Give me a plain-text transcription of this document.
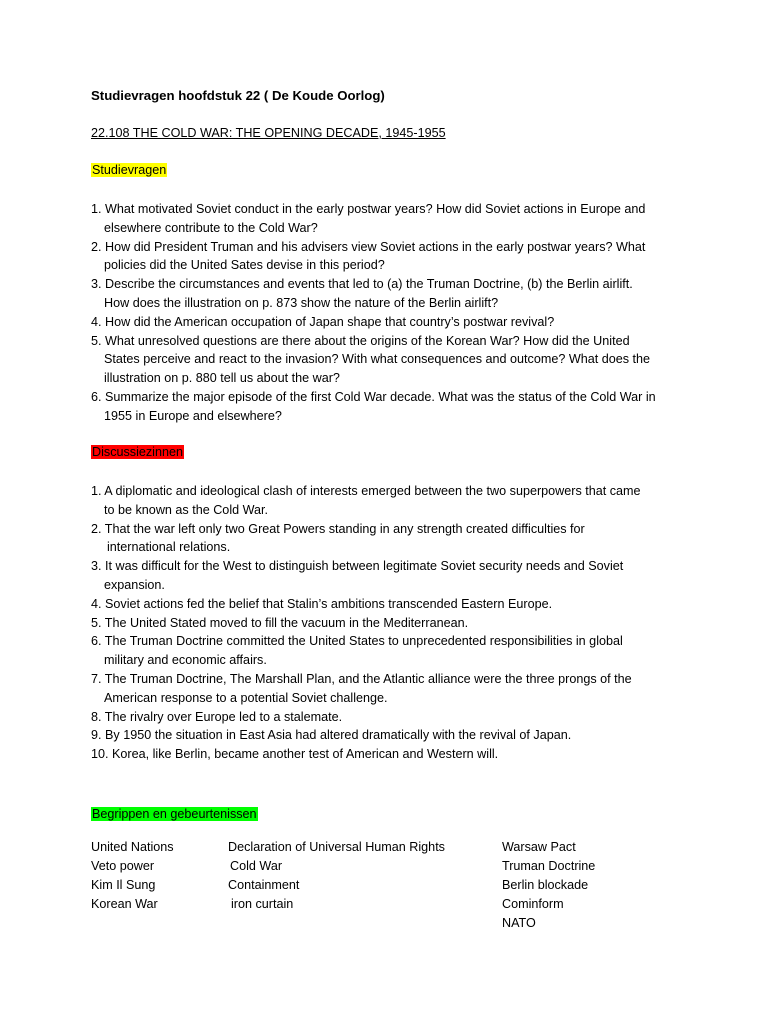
Studievragen hoofdstuk 22 ( De Koude Oorlog)
22.108 THE COLD WAR: THE OPENING DECADE, 1945-1955
Studievragen
1. What motivated Soviet conduct in the early postwar years? How did Soviet actions in Europe and
elsewhere contribute to the Cold War?
2. How did President Truman and his advisers view Soviet actions in the early postwar years? What
policies did the United Sates devise in this period?
3. Describe the circumstances and events that led to (a) the Truman Doctrine, (b) the Berlin airlift.
How does the illustration on p. 873 show the nature of the Berlin airlift?
4. How did the American occupation of Japan shape that country’s postwar revival?
5. What unresolved questions are there about the origins of the Korean War? How did the United
States perceive and react to the invasion? With what consequences and outcome? What does the
illustration on p. 880 tell us about the war?
6. Summarize the major episode of the first Cold War decade. What was the status of the Cold War in
1955 in Europe and elsewhere?
Discussiezinnen
1. A diplomatic and ideological clash of interests emerged between the two superpowers that came
to be known as the Cold War.
2. That the war left only two Great Powers standing in any strength created difficulties for
international relations.
3. It was difficult for the West to distinguish between legitimate Soviet security needs and Soviet
expansion.
4. Soviet actions fed the belief that Stalin’s ambitions transcended Eastern Europe.
5. The United Stated moved to fill the vacuum in the Mediterranean.
6. The Truman Doctrine committed the United States to unprecedented responsibilities in global
military and economic affairs.
7. The Truman Doctrine, The Marshall Plan, and the Atlantic alliance were the three prongs of the
American response to a potential Soviet challenge.
8. The rivalry over Europe led to a stalemate.
9. By 1950 the situation in East Asia had altered dramatically with the revival of Japan.
10. Korea, like Berlin, became another test of American and Western will.
Begrippen en gebeurtenissen
United Nations
Veto power
Kim Il Sung
Korean War
Declaration of Universal Human Rights
Cold War
Containment
iron curtain
Warsaw Pact
Truman Doctrine
Berlin blockade
Cominform
NATO
